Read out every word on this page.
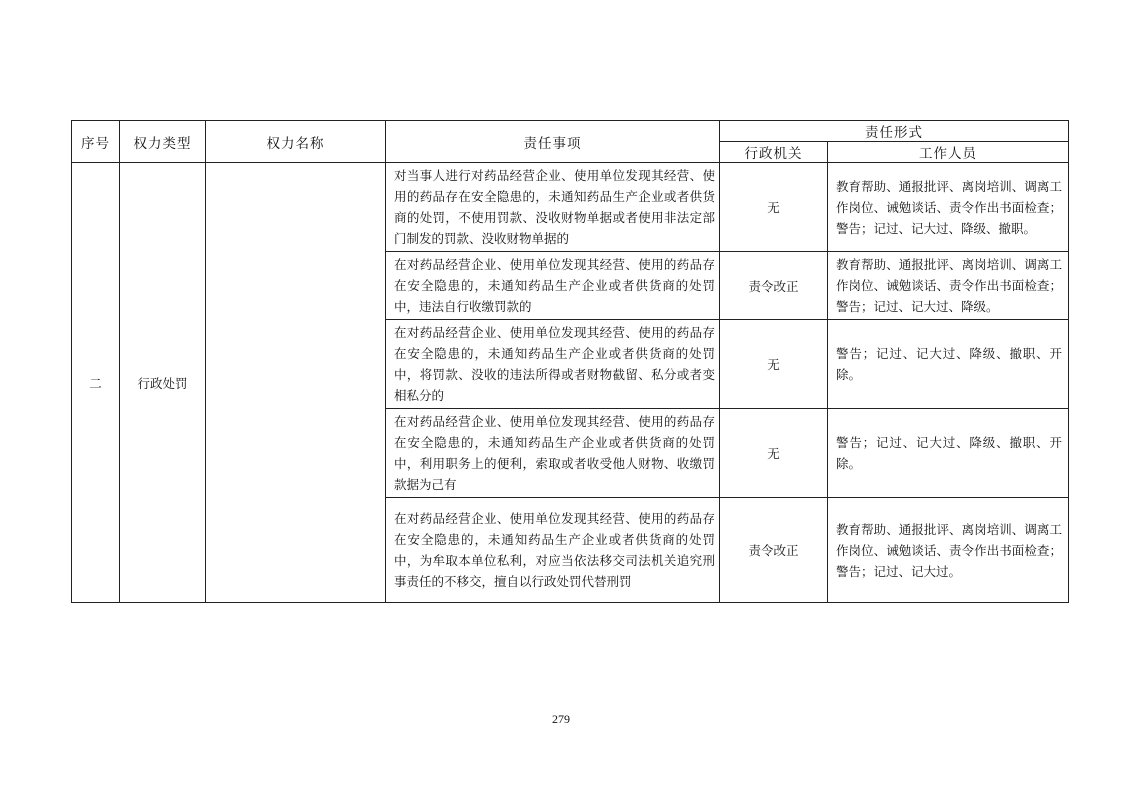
序号	权力类型	权力名称	责任事项	责任形式	
				行政机关	工作人员
二	行政处罚		对当事人进行对药品经营企业、使用单位发现其经营、使用的药品存在安全隐患的，未通知药品生产企业或者供货商的处罚，不使用罚款、没收财物单据或者使用非法定部门制发的罚款、没收财物单据的	无	教育帮助、通报批评、离岗培训、调离工作岗位、诫勉谈话、责令作出书面检查；警告；记过、记大过、降级、撤职。
			在对药品经营企业、使用单位发现其经营、使用的药品存在安全隐患的，未通知药品生产企业或者供货商的处罚中，违法自行收缴罚款的	责令改正	教育帮助、通报批评、离岗培训、调离工作岗位、诫勉谈话、责令作出书面检查；警告；记过、记大过、降级。
			在对药品经营企业、使用单位发现其经营、使用的药品存在安全隐患的，未通知药品生产企业或者供货商的处罚中，将罚款、没收的违法所得或者财物截留、私分或者变相私分的	无	警告；记过、记大过、降级、撤职、开除。
			在对药品经营企业、使用单位发现其经营、使用的药品存在安全隐患的，未通知药品生产企业或者供货商的处罚中，利用职务上的便利，索取或者收受他人财物、收缴罚款据为己有	无	警告；记过、记大过、降级、撤职、开除。
			在对药品经营企业、使用单位发现其经营、使用的药品存在安全隐患的，未通知药品生产企业或者供货商的处罚中，为牟取本单位私利，对应当依法移交司法机关追究刑事责任的不移交，擅自以行政处罚代替刑罚	责令改正	教育帮助、通报批评、离岗培训、调离工作岗位、诫勉谈话、责令作出书面检查；警告；记过、记大过。
279
